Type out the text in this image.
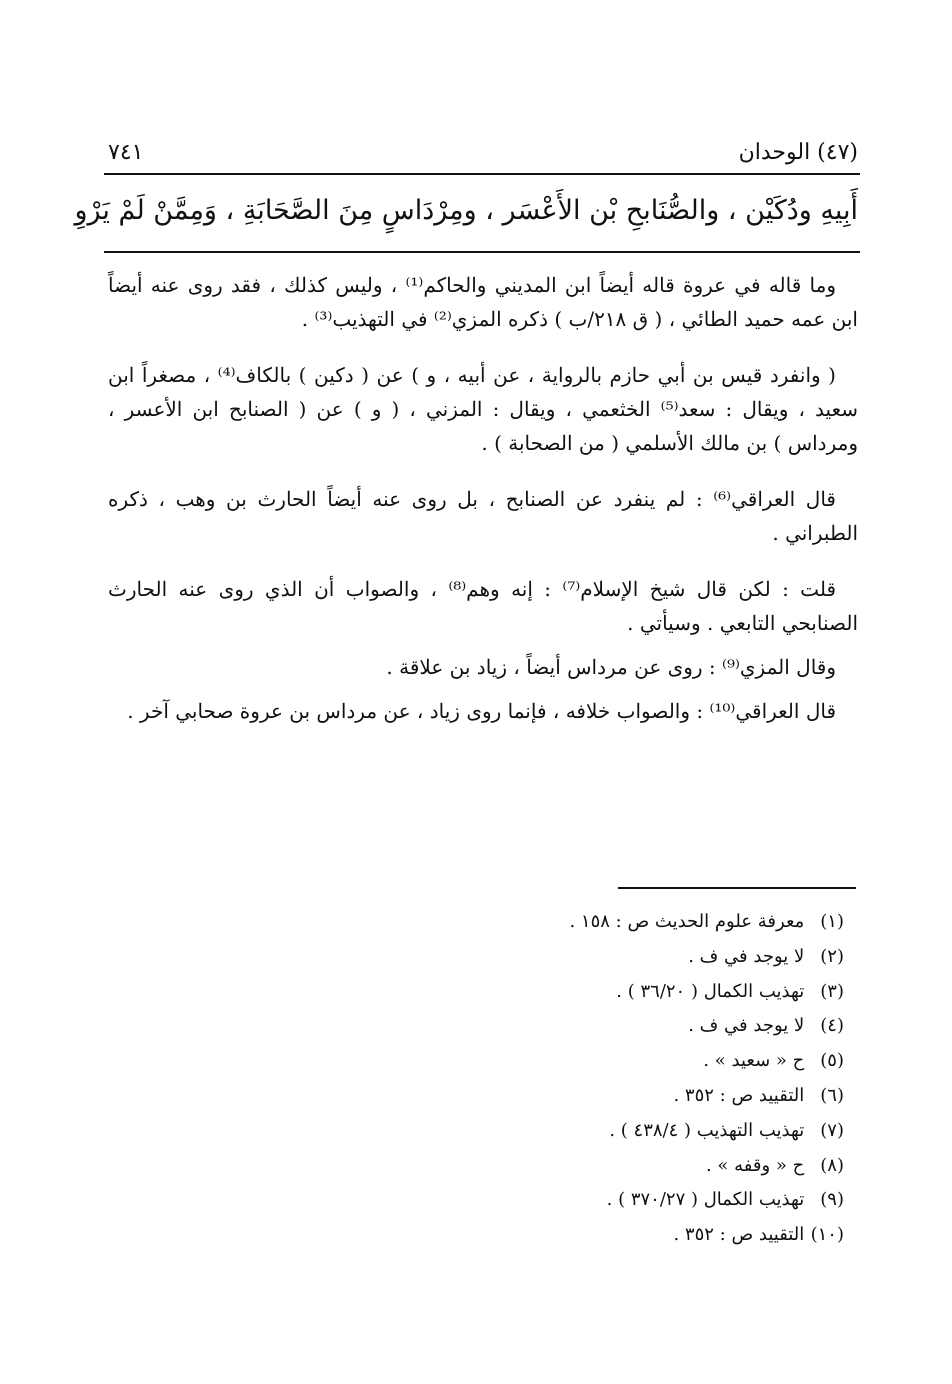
(٤٧) الوحدان
٧٤١
أَبِيهِ ودُكَيْن ، والصُّنَابحِ بْن الأَعْسَر ، ومِرْدَاسٍ مِنَ الصَّحَابَةِ ، وَمِمَّنْ لَمْ يَرْوِ

وما قاله في عروة قاله أيضاً ابن المديني والحاكم⁽¹⁾ ، وليس كذلك ، فقد روى عنه أيضاً ابن عمه حميد الطائي ، ( ق ٢١٨/ب ) ذكره المزي⁽²⁾ في التهذيب⁽³⁾ .

( وانفرد قيس بن أبي حازم بالرواية ، عن أبيه ، و ) عن ( دكين ) بالكاف⁽⁴⁾ ، مصغراً ابن سعيد ، ويقال : سعد⁽⁵⁾ الخثعمي ، ويقال : المزني ، ( و ) عن ( الصنابح ابن الأعسر ، ومرداس ) بن مالك الأسلمي ( من الصحابة ) .

قال العراقي⁽⁶⁾ : لم ينفرد عن الصنابح ، بل روى عنه أيضاً الحارث بن وهب ، ذكره الطبراني .

قلت : لكن قال شيخ الإسلام⁽⁷⁾ : إنه وهم⁽⁸⁾ ، والصواب أن الذي روى عنه الحارث الصنابحي التابعي . وسيأتي .

وقال المزي⁽⁹⁾ : روى عن مرداس أيضاً ، زياد بن علاقة .

قال العراقي⁽¹⁰⁾ : والصواب خلافه ، فإنما روى زياد ، عن مرداس بن عروة صحابي آخر .

(١) معرفة علوم الحديث ص : ١٥٨ .
(٢) لا يوجد في ف .
(٣) تهذيب الكمال ( ٣٦/٢٠ ) .
(٤) لا يوجد في ف .
(٥) ح « سعيد » .
(٦) التقييد ص : ٣٥٢ .
(٧) تهذيب التهذيب ( ٤٣٨/٤ ) .
(٨) ح « وقفه » .
(٩) تهذيب الكمال ( ٣٧٠/٢٧ ) .
(١٠) التقييد ص : ٣٥٢ .
